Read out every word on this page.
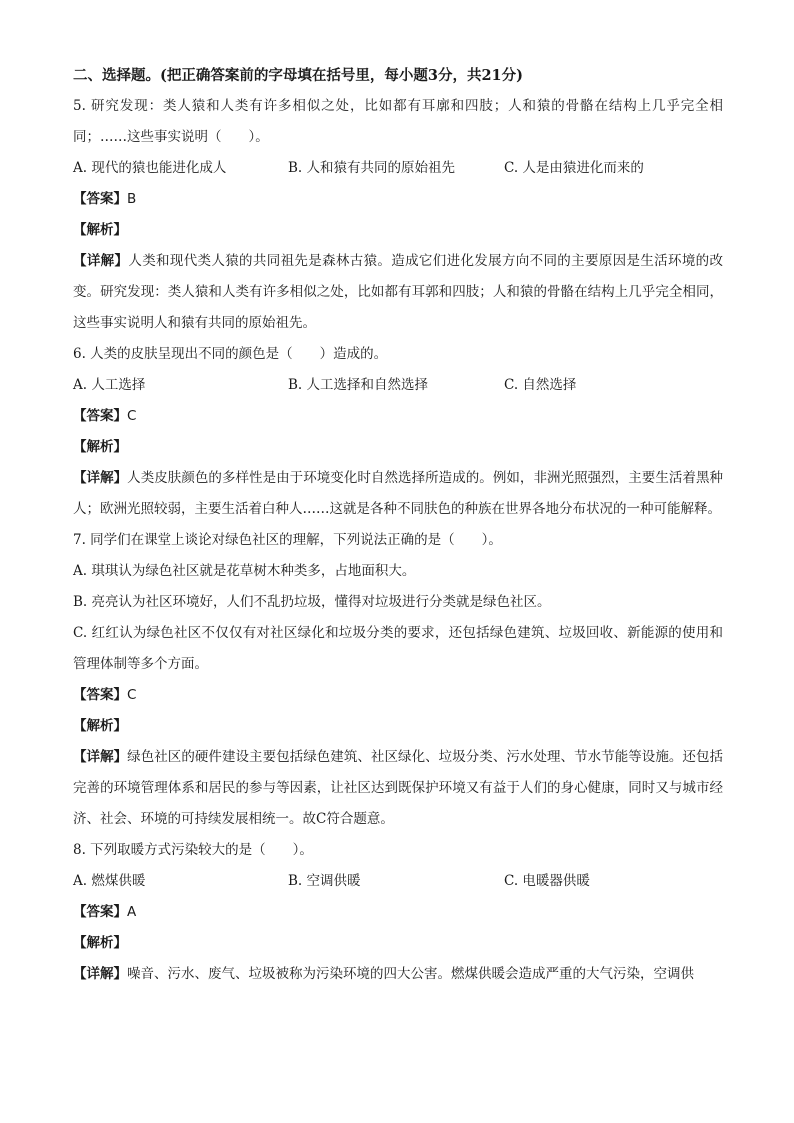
二、选择题。(把正确答案前的字母填在括号里，每小题3分，共21分)
5. 研究发现：类人猿和人类有许多相似之处，比如都有耳廓和四肢；人和猿的骨骼在结构上几乎完全相同；……这些事实说明（　　）。
A. 现代的猿也能进化成人	B. 人和猿有共同的原始祖先	C. 人是由猿进化而来的
【答案】B
【解析】
【详解】人类和现代类人猿的共同祖先是森林古猿。造成它们进化发展方向不同的主要原因是生活环境的改变。研究发现：类人猿和人类有许多相似之处，比如都有耳郭和四肢；人和猿的骨骼在结构上几乎完全相同，这些事实说明人和猿有共同的原始祖先。
6. 人类的皮肤呈现出不同的颜色是（　　）造成的。
A. 人工选择	B. 人工选择和自然选择	C. 自然选择
【答案】C
【解析】
【详解】人类皮肤颜色的多样性是由于环境变化时自然选择所造成的。例如，非洲光照强烈，主要生活着黑种人；欧洲光照较弱，主要生活着白种人……这就是各种不同肤色的种族在世界各地分布状况的一种可能解释。
7. 同学们在课堂上谈论对绿色社区的理解，下列说法正确的是（　　）。
A. 琪琪认为绿色社区就是花草树木种类多，占地面积大。
B. 亮亮认为社区环境好，人们不乱扔垃圾，懂得对垃圾进行分类就是绿色社区。
C. 红红认为绿色社区不仅仅有对社区绿化和垃圾分类的要求，还包括绿色建筑、垃圾回收、新能源的使用和管理体制等多个方面。
【答案】C
【解析】
【详解】绿色社区的硬件建设主要包括绿色建筑、社区绿化、垃圾分类、污水处理、节水节能等设施。还包括完善的环境管理体系和居民的参与等因素，让社区达到既保护环境又有益于人们的身心健康，同时又与城市经济、社会、环境的可持续发展相统一。故C符合题意。
8. 下列取暖方式污染较大的是（　　）。
A. 燃煤供暖	B. 空调供暖	C. 电暖器供暖
【答案】A
【解析】
【详解】噪音、污水、废气、垃圾被称为污染环境的四大公害。燃煤供暖会造成严重的大气污染，空调供
